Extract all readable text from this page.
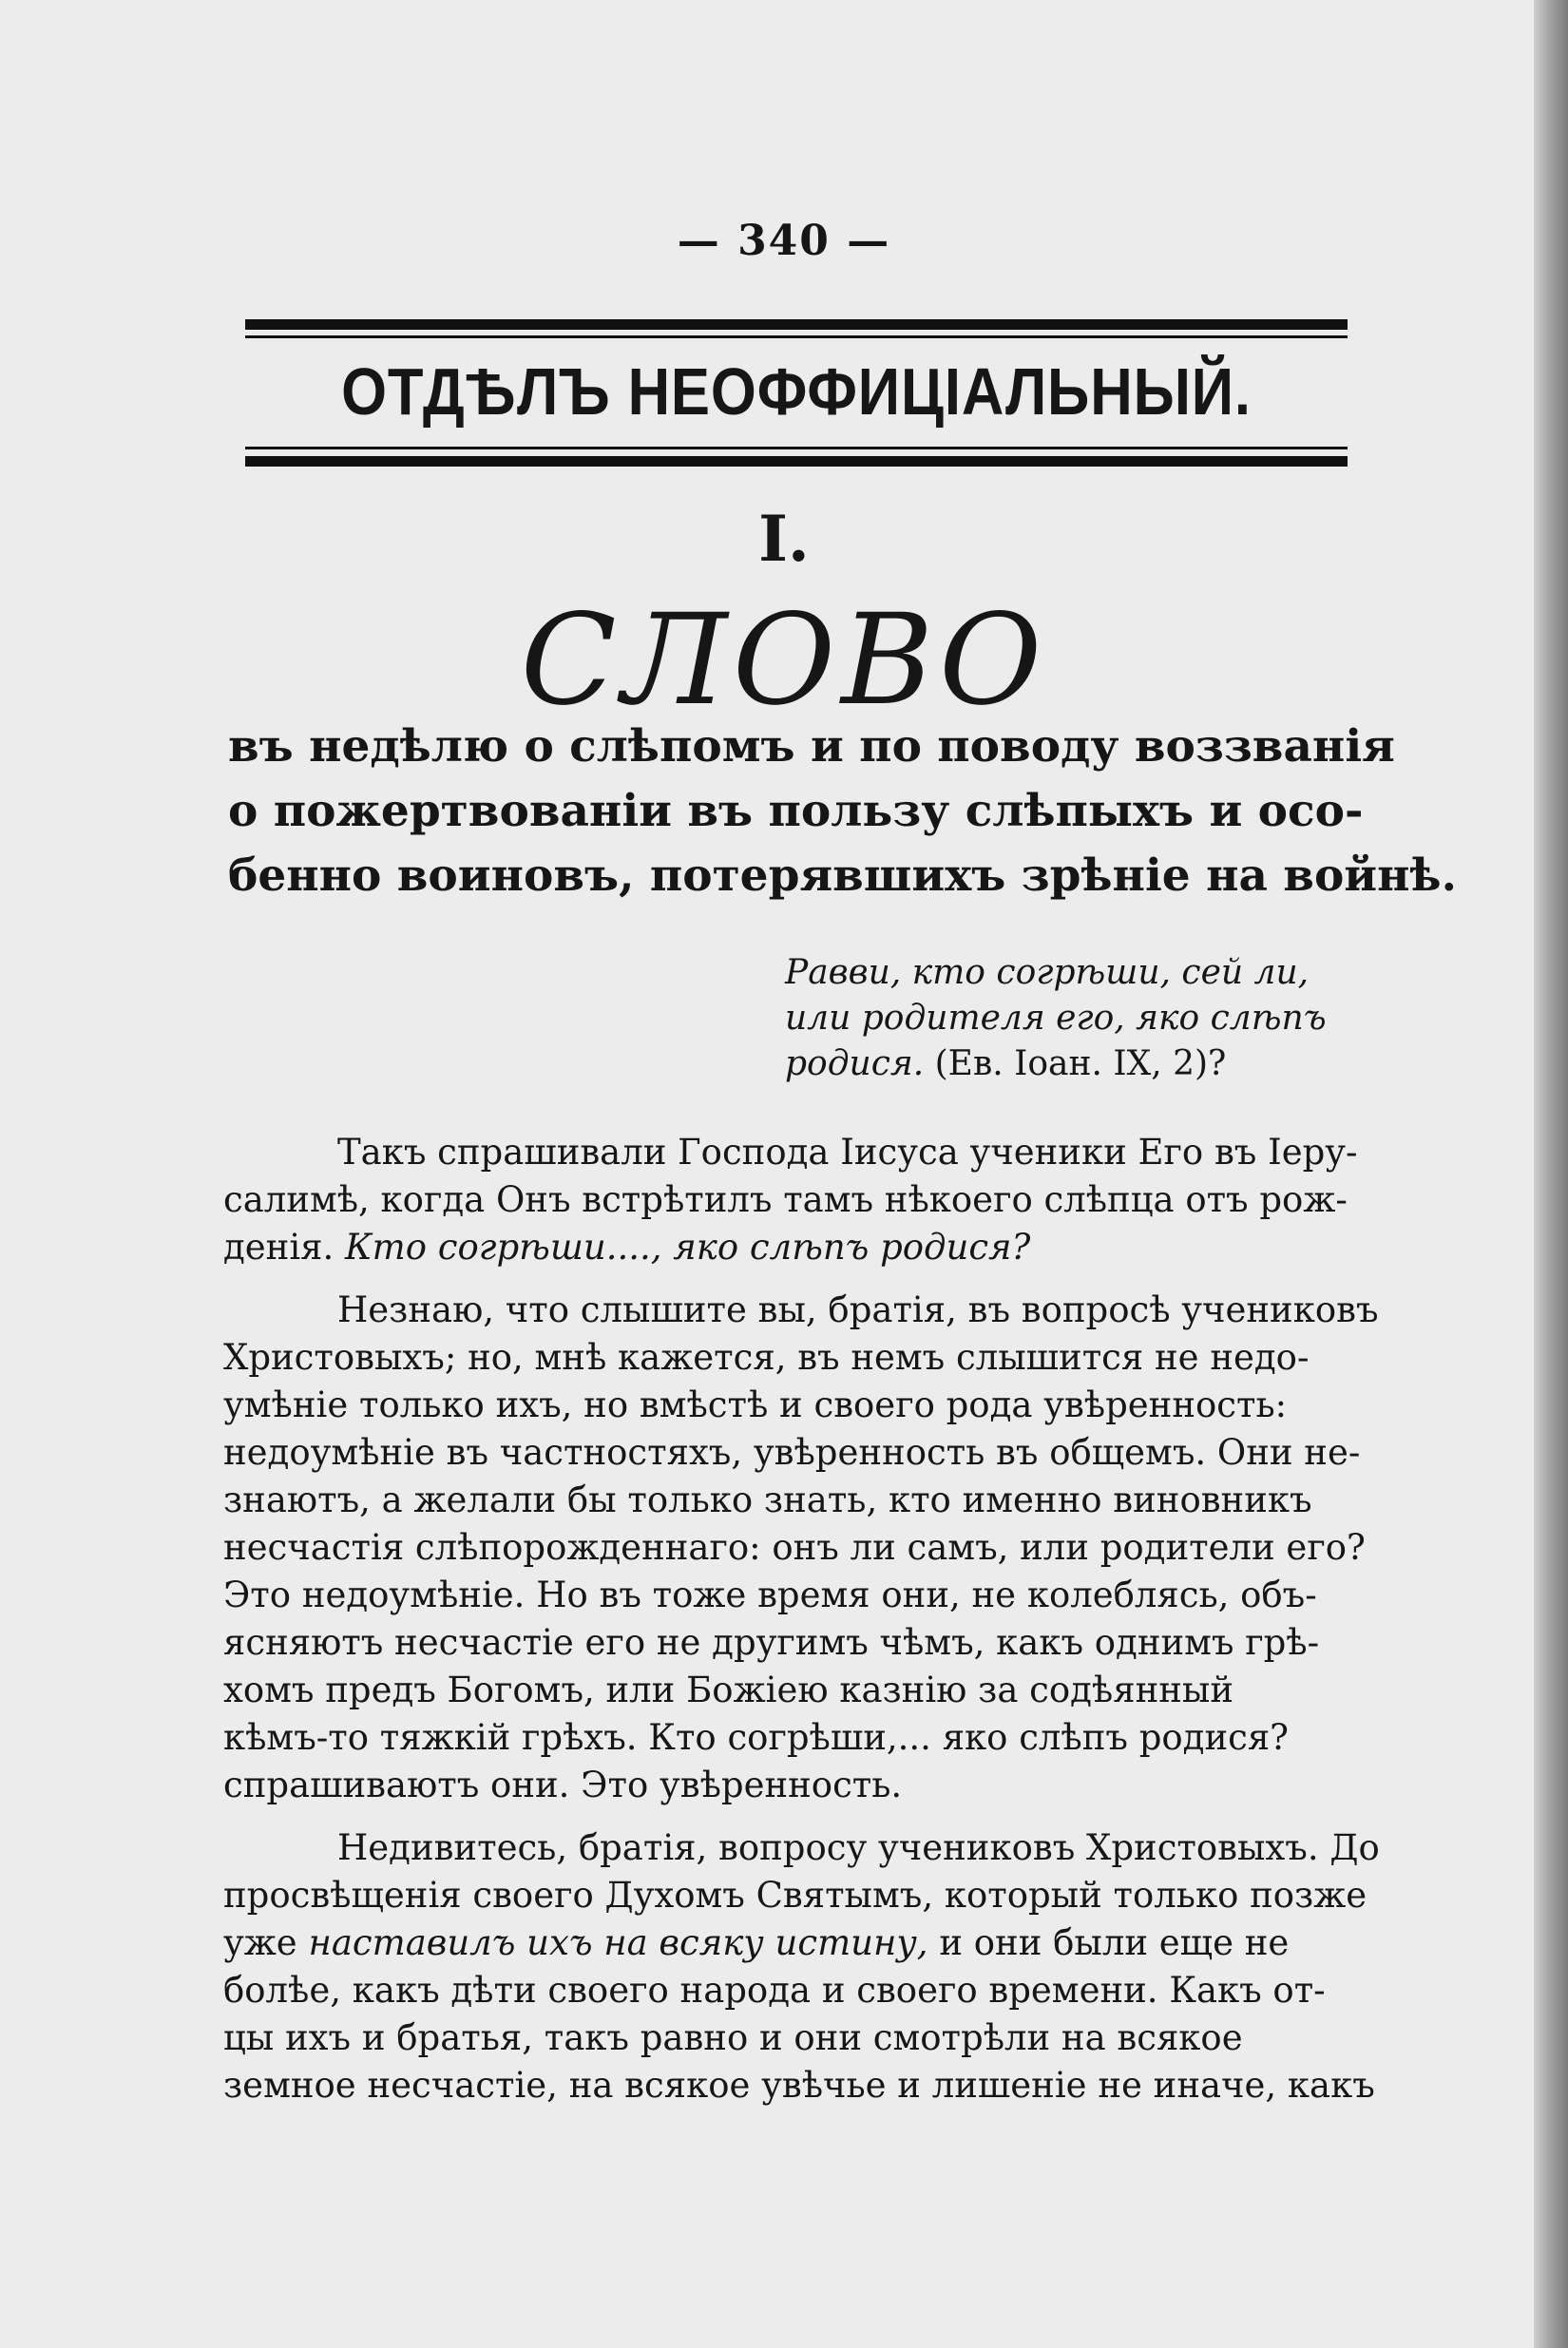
— 340 —
ОТДѢЛЪ НЕОФФИЦІАЛЬНЫЙ.
I.
СЛОВО
въ недѣлю о слѣпомъ и по поводу воззванія
о пожертвованіи въ пользу слѣпыхъ и осо-
бенно воиновъ, потерявшихъ зрѣніе на войнѣ.
Равви, кто согрѣши, сей ли,
или родителя его, яко слѣпъ
родися. (Ев. Іоан. IX, 2)?
Такъ спрашивали Господа Іисуса ученики Его въ Іеру-
салимѣ, когда Онъ встрѣтилъ тамъ нѣкоего слѣпца отъ рож-
денія. Кто согрѣши...., яко слѣпъ родися?
Незнаю, что слышите вы, братія, въ вопросѣ учениковъ
Христовыхъ; но, мнѣ кажется, въ немъ слышится не недо-
умѣніе только ихъ, но вмѣстѣ и своего рода увѣренность:
недоумѣніе въ частностяхъ, увѣренность въ общемъ. Они не-
знаютъ, а желали бы только знать, кто именно виновникъ
несчастія слѣпорожденнаго: онъ ли самъ, или родители его?
Это недоумѣніе. Но въ тоже время они, не колеблясь, объ-
ясняютъ несчастіе его не другимъ чѣмъ, какъ однимъ грѣ-
хомъ предъ Богомъ, или Божіею казнію за содѣянный
кѣмъ-то тяжкій грѣхъ. Кто согрѣши,... яко слѣпъ родися?
спрашиваютъ они. Это увѣренность.
Недивитесь, братія, вопросу учениковъ Христовыхъ. До
просвѣщенія своего Духомъ Святымъ, который только позже
уже наставилъ ихъ на всяку истину, и они были еще не
болѣе, какъ дѣти своего народа и своего времени. Какъ от-
цы ихъ и братья, такъ равно и они смотрѣли на всякое
земное несчастіе, на всякое увѣчье и лишеніе не иначе, какъ
